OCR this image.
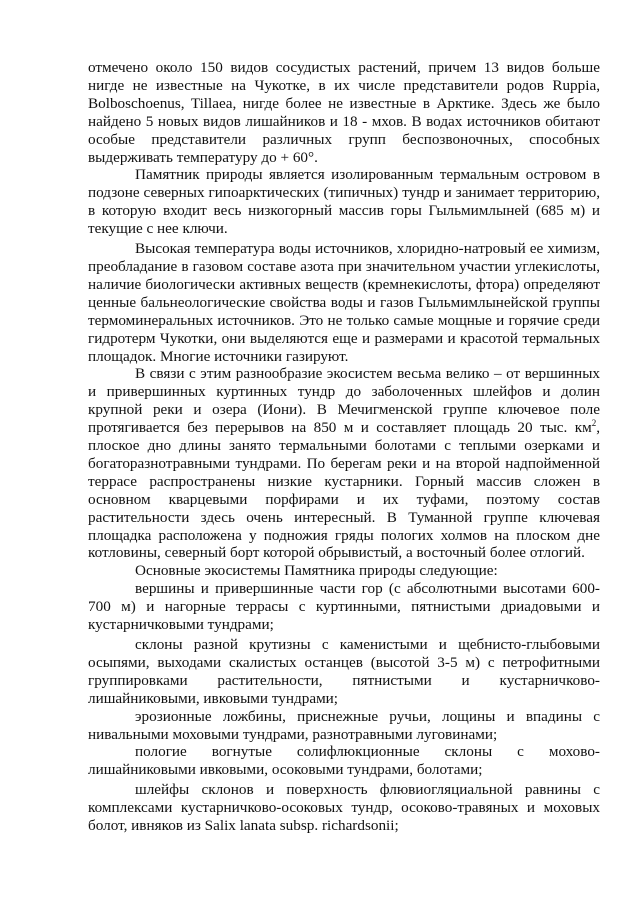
отмечено около 150 видов сосудистых растений, причем 13 видов больше нигде не известные на Чукотке, в их числе представители родов Ruppia, Bolboschoenus, Tillaea, нигде более не известные в Арктике. Здесь же было найдено 5 новых видов лишайников и 18 - мхов. В водах источников обитают особые представители различных групп беспозвоночных, способных выдерживать температуру до + 60°.

Памятник природы является изолированным термальным островом в подзоне северных гипоарктических (типичных) тундр и занимает территорию, в которую входит весь низкогорный массив горы Гыльмимлыней (685 м) и текущие с нее ключи.

Высокая температура воды источников, хлоридно-натровый ее химизм, преобладание в газовом составе азота при значительном участии углекислоты, наличие биологически активных веществ (кремнекислоты, фтора) определяют ценные бальнеологические свойства воды и газов Гыльмимлынейской группы термоминеральных источников. Это не только самые мощные и горячие среди гидротерм Чукотки, они выделяются еще и размерами и красотой термальных площадок. Многие источники газируют.

В связи с этим разнообразие экосистем весьма велико – от вершинных и привершинных куртинных тундр до заболоченных шлейфов и долин крупной реки и озера (Иони). В Мечигменской группе ключевое поле протягивается без перерывов на 850 м и составляет площадь 20 тыс. $км^2$, плоское дно длины занято термальными болотами с теплыми озерками и богаторазнотравными тундрами. По берегам реки и на второй надпойменной террасе распространены низкие кустарники. Горный массив сложен в основном кварцевыми порфирами и их туфами, поэтому состав растительности здесь очень интересный. В Туманной группе ключевая площадка расположена у подножия гряды пологих холмов на плоском дне котловины, северный борт которой обрывистый, а восточный более отлогий.

Основные экосистемы Памятника природы следующие:

вершины и привершинные части гор (с абсолютными высотами 600-700 м) и нагорные террасы с куртинными, пятнистыми дриадовыми и кустарничковыми тундрами;

склоны разной крутизны с каменистыми и щебнисто-глыбовыми осыпями, выходами скалистых останцев (высотой 3-5 м) с петрофитными группировками растительности, пятнистыми и кустарничково-лишайниковыми, ивковыми тундрами;

эрозионные ложбины, приснежные ручьи, лощины и впадины с нивальными моховыми тундрами, разнотравными луговинами;

пологие вогнутые солифлюкционные склоны с мохово-лишайниковыми ивковыми, осоковыми тундрами, болотами;

шлейфы склонов и поверхность флювиогляциальной равнины с комплексами кустарничково-осоковых тундр, осоково-травяных и моховых болот, ивняков из Salix lanata subsp. richardsonii;
